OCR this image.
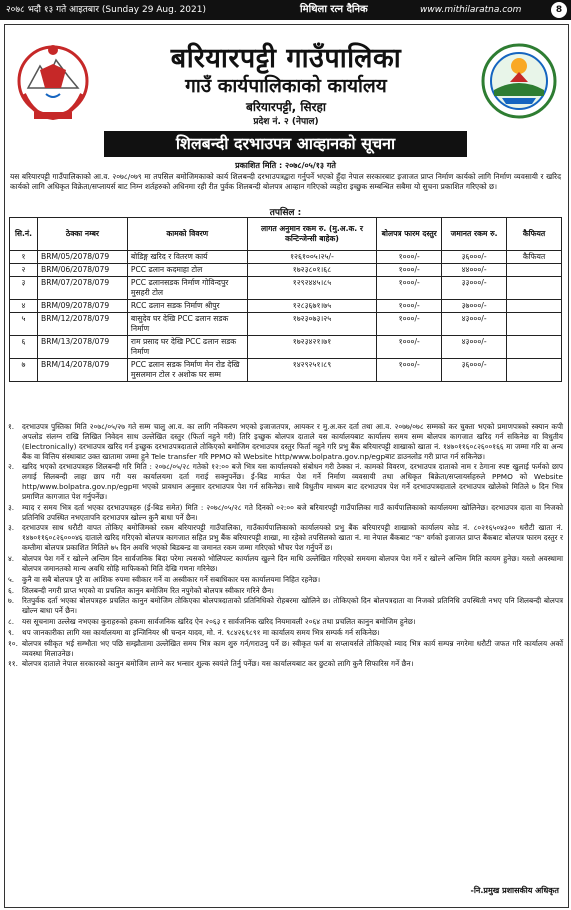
२०७८ भदौ १३ गते आइतबार (Sunday 29 Aug. 2021)	मिथिला रत्न दैनिक	www.mithilaratna.com	8
बरियारपट्टी गाउँपालिका
गाउँ कार्यपालिकाको कार्यालय
बरियारपट्टी, सिरहा
प्रदेश नं. २ (नेपाल)
शिलबन्दी दरभाउपत्र आव्हानको सूचना
प्रकाशित मिति : २०७८/०५/१३ गते
यस बरियारपट्टी गाउँपालिकाको आ.व. २०७८/०७९ मा तपसिल बमोजिमकाको कार्य शिलबन्दी दरभाउपत्रद्वारा गर्नुपर्ने भएको हुँदा नेपाल सरकारबाट इजाजत प्राप्त निर्माण कार्यको लागि निर्माण व्यवसायी र खरिद कार्यको लागि अधिकृत विक्रेता/सप्लायर्स बाट निम्न शर्तहरुको अधिनमा रही रीत पुर्वक शिलबन्दी बोलपत्र आव्हान गरिएको व्यहोरा इच्छुक सम्बन्धित सबैमा यो सुचना प्रकाशित गरिएको छ।
तपसिल :
सि.नं.	ठेक्का नम्बर	कामको विवरण	लागत अनुमान रकम रु. (मु.अ.क. र कन्टिन्जेन्सी बाहेक)	बोलपत्र फारम दस्तुर	जमानत रकम रु.	कैफियत
१	BRM/05/2078/079	बोडिङ्ग खरिद र वितरण कार्य	१२६१००५।२५/-	१०००/-	३६०००/-	कैफियत
२	BRM/06/2078/079	PCC ढलान कदमाहा टोल	१७२३८०१।६८	१०००/-	४४०००/-	
३	BRM/07/2078/079	PCC ढलानसडक निर्माण गोविन्दपुर मुसहरी टोल	१२९२४४५।८५	१०००/-	३३०००/-	
४	BRM/09/2078/079	RCC ढलान सडक निर्माण श्रीपुर	१२८३६७१।७५	१०००/-	३७०००/-	
५	BRM/12/2078/079	बासुदेव घर देखि PCC ढलान सडक निर्माण	१७२३०७३।२५	१०००/-	४३०००/-	
६	BRM/13/2078/079	राम प्रसाद घर देखि PCC ढलान सडक निर्माण	१७२३४२१।७१	१०००/-	४३०००/-	
७	BRM/14/2078/079	PCC ढलान सडक निर्माण मेन रोड देखि मुसलमान टोल र अशोक घर सम्म	१४२९२५१।८९	१०००/-	३६०००/-	

१. दरभाउपत्र पुस्तिका मिति २०७८/०५/२७ गते सम्म चालु आ.व. का लागि नविकरण भएको इजाजतपत्र, आयकर र मु.अ.कर दर्ता तथा आ.व. २०७७/०७८ सम्मको कर चुक्ता भएको प्रमाणपत्रको स्क्यान कपी अपलोड संलग्न राखि लिखित निवेदन साथ उल्लेखित दस्तुर (फिर्ता नहुने गरी) तिरि इच्छुक बोलपत्र दाताले यस कार्यालयबाट कार्यालय समय सम्म बोलपत्र कागजात खरिद गर्न सकिनेछ वा विधुतीय (Electronically) दरभाउपत्र खरिद गर्न इच्छुक दरभाउपत्रदाताले तोकिएको बमोजिम दरभाउपत्र दस्तुर फिर्ता नहुने गरि प्रभु बैंक बरियारपट्टी शाखाको खाता नं. १४७०११६०८२६००१६६ मा जम्मा गरि वा अन्य बैंक वा वित्तिय संस्थाबाट उक्त खातामा जम्मा हुने Tele transfer गरि PPMO को Website http/www.bolpatra.gov.np/egpबाट डाउनलोड गरी प्राप्त गर्न सकिनेछ।

२. खरिद भएको दरभाउपत्रहरु शिलबन्दी गरि मिति : २०७८/०५/२८ गतेको १२:०० बजे भित्र यस कार्यालयको संबोधन गरी ठेक्का नं. कामको विवरण, दरभाउपत्र दाताको नाम र ठेगाना स्पष्ट खुलाई फर्मको छाप लगाई सिलबन्दी लाहा छाप गरी यस कार्यालयमा दर्ता गराई सक्नुपर्नेछ। ई-बिड मार्फत पेश गर्ने निर्माण व्यवसायी तथा अधिकृत बिक्रेता/सप्लायर्सहरुले PPMO को Website http/www.bolpatra.gov.np/egpमा भएको प्रावधान अनुसार दरभाउपत्र पेश गर्न सकिनेछ। साथै विधुतीय माध्यम बाट दरभाउपत्र पेश गर्ने दरभाउपत्रदाताले दरभाउपत्र खोलेको मितिले ७ दिन भित्र प्रमाणित कागजात पेश गर्नुपर्नेछ।

३. म्याद र समय भित्र दर्ता भएका दरभाउपत्रहरु (ई-बिड समेत) मिति : २०७८/०५/२८ गते दिनको ०२:०० बजे बरियारपट्टी गाउँपालिका गाउँ कार्यपालिकाको कार्यालयमा खोलिनेछ। दरभाउपत्र दाता वा निजको प्रतिनिधि उपस्थित नभएतापनि दरभाउपत्र खोल्न कुनै बाधा पर्ने छैन।

३. दरभाउपत्र साथ धरौटी वापत तोकिए बमोजिमको रकम बरियारपट्टी गाउँपालिका, गाउँकार्यपालिकाको कार्यालयको प्रभु बैंक बरियारपट्टी शाखाको कार्यालय कोड नं. ८०२१६५०४३०० धरौटी खाता नं. १४७०११६०८२६०००४६ दाताले खरिद गरिएको बोलपत्र कागजात सहित प्रभु बैंक बरियारपट्टी शाखा, मा रहेको तपसिलको खाता नं. मा नेपाल बैंकबाट "क" वर्गको इजाजत प्राप्त बैंकबाट बोलपत्र फारम दस्तुर र कम्तीमा बोलपत्र प्रकाशित मितिले ७५ दिन अवधि भएको बिडबन्ड वा जमानत रकम जम्मा गरिएको भौचर पेश गर्नुपर्ने छ।

४. बोलपत्र पेश गर्ने र खोल्ने अन्तिम दिन सार्वजनिक बिदा परेमा त्यसको भोलिपल्ट कार्यालय खुल्ने दिन माथि उल्लेखित गरिएको समयमा बोलपत्र पेश गर्ने र खोल्ने अन्तिम मिति कायम हुनेछ। यस्तो अवस्थामा बोलपत्र जमानतको मान्य अवधि सोहि माफिकको मिति देखि गणना गरिनेछ।

५. कुनै वा सबै बोलपत्र पुरै वा आंशिक रुपमा स्वीकार गर्ने वा अस्वीकार गर्ने सबाधिकार यस कार्यालयमा निहित रहनेछ।

६. शिलबन्दी नगरी प्राप्त भएको वा प्रचलित कानुन बमोजिम रित नपुगेको बोलपत्र स्वीकार गरिने छैन।

७. रितपुर्वक दर्ता भएका बोलपत्रहरु प्रचलित कानुन बमोजिम तोकिएका बोलपत्रदाताको प्रतिनिधिको रोहबरमा खोलिने छ। तोकिएको दिन बोलपत्रदाता वा निजको प्रतिनिधि उपस्थिती नभए पनि शिलबन्दी बोलपत्र खोल्न बाधा पर्ने छैन।

८. यस सूचनामा उल्लेख नभएका कुराहरुको हकमा सार्वजनिक खरिद ऐन २०६३ र सार्वजनिक खरिद नियमावली २०६४ तथा प्रचलित कानुन बमोजिम हुनेछ।

९. थप जानकारीका लागि यस कार्यालयमा वा इन्जिनियर श्री चन्दन यादव, मो. नं. ९८४२६९८९१ मा कार्यालय समय भित्र सम्पर्क गर्न सकिनेछ।

१०. बोलपत्र स्वीकृत भई सम्भौता भए पछि सम्झौतामा उल्लेखित समय भित्र काम शुरु गर्न/गराउनु पर्ने छ। स्वीकृत फर्म वा सप्लायर्सले तोकिएको म्याद भित्र कार्य सम्पन्न नगरेमा धरौटी जफत गरि कार्यालय अर्को व्यवस्था मिलाउनेछ।

११. बोलपत्र दाताले नेपाल सरकारको कानुन बमोजिम लाग्ने कर भन्सार शुल्क स्वयंले तिर्नु पर्नेछ। यस कार्यालयबाट कर छुटको लागि कुनै सिफारिस गर्ने छैन।

-नि.प्रमुख प्रशासकीय अधिकृत
